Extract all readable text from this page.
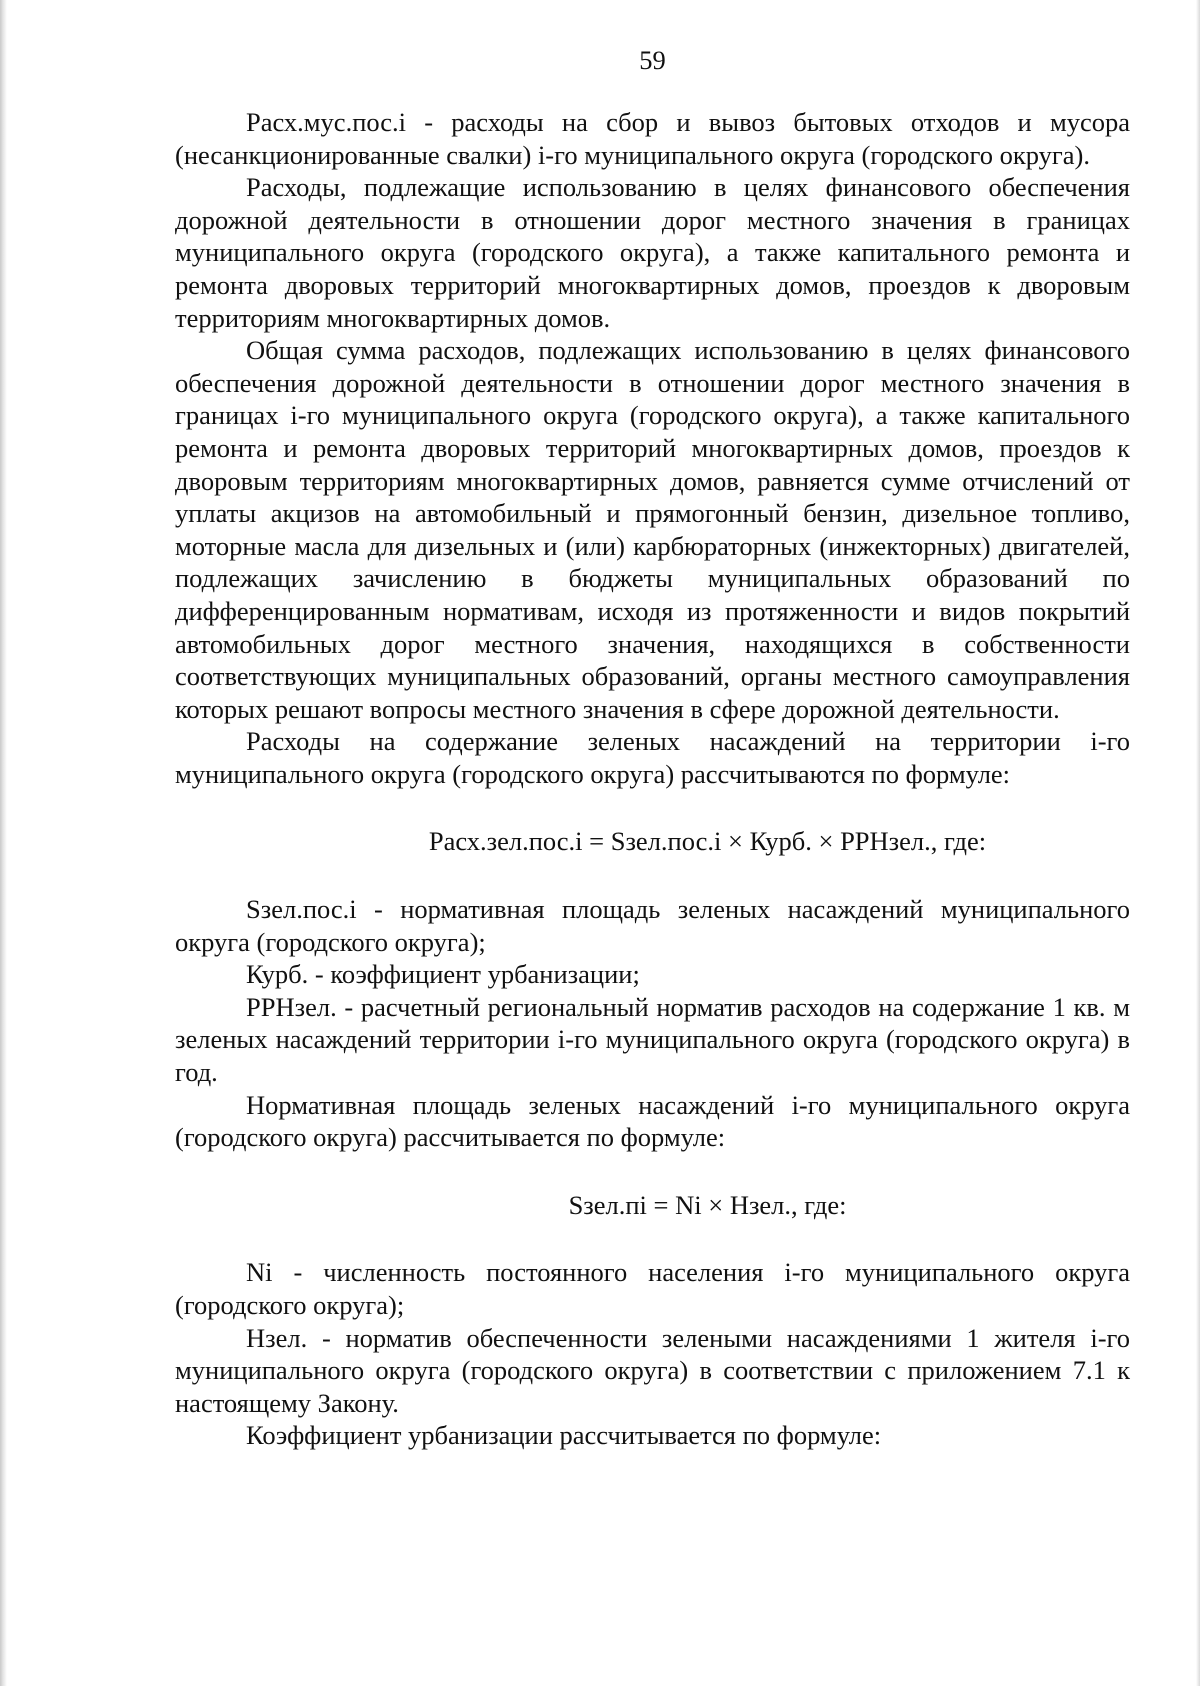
59

Расх.мус.пос.i - расходы на сбор и вывоз бытовых отходов и мусора (несанкционированные свалки) i-го муниципального округа (городского округа).

Расходы, подлежащие использованию в целях финансового обеспечения дорожной деятельности в отношении дорог местного значения в границах муниципального округа (городского округа), а также капитального ремонта и ремонта дворовых территорий многоквартирных домов, проездов к дворовым территориям многоквартирных домов.

Общая сумма расходов, подлежащих использованию в целях финансового обеспечения дорожной деятельности в отношении дорог местного значения в границах i-го муниципального округа (городского округа), а также капитального ремонта и ремонта дворовых территорий многоквартирных домов, проездов к дворовым территориям многоквартирных домов, равняется сумме отчислений от уплаты акцизов на автомобильный и прямогонный бензин, дизельное топливо, моторные масла для дизельных и (или) карбюраторных (инжекторных) двигателей, подлежащих зачислению в бюджеты муниципальных образований по дифференцированным нормативам, исходя из протяженности и видов покрытий автомобильных дорог местного значения, находящихся в собственности соответствующих муниципальных образований, органы местного самоуправления которых решают вопросы местного значения в сфере дорожной деятельности.

Расходы на содержание зеленых насаждений на территории i-го муниципального округа (городского округа) рассчитываются по формуле:

Расх.зел.пос.i = Sзел.пос.i × Курб. × РРНзел., где:

Sзел.пос.i - нормативная площадь зеленых насаждений муниципального округа (городского округа);

Курб. - коэффициент урбанизации;

РРНзел. - расчетный региональный норматив расходов на содержание 1 кв. м зеленых насаждений территории i-го муниципального округа (городского округа) в год.

Нормативная площадь зеленых насаждений i-го муниципального округа (городского округа) рассчитывается по формуле:

Sзел.пi = Ni × Нзел., где:

Ni - численность постоянного населения i-го муниципального округа (городского округа);

Нзел. - норматив обеспеченности зелеными насаждениями 1 жителя i-го муниципального округа (городского округа) в соответствии с приложением 7.1 к настоящему Закону.

Коэффициент урбанизации рассчитывается по формуле:
